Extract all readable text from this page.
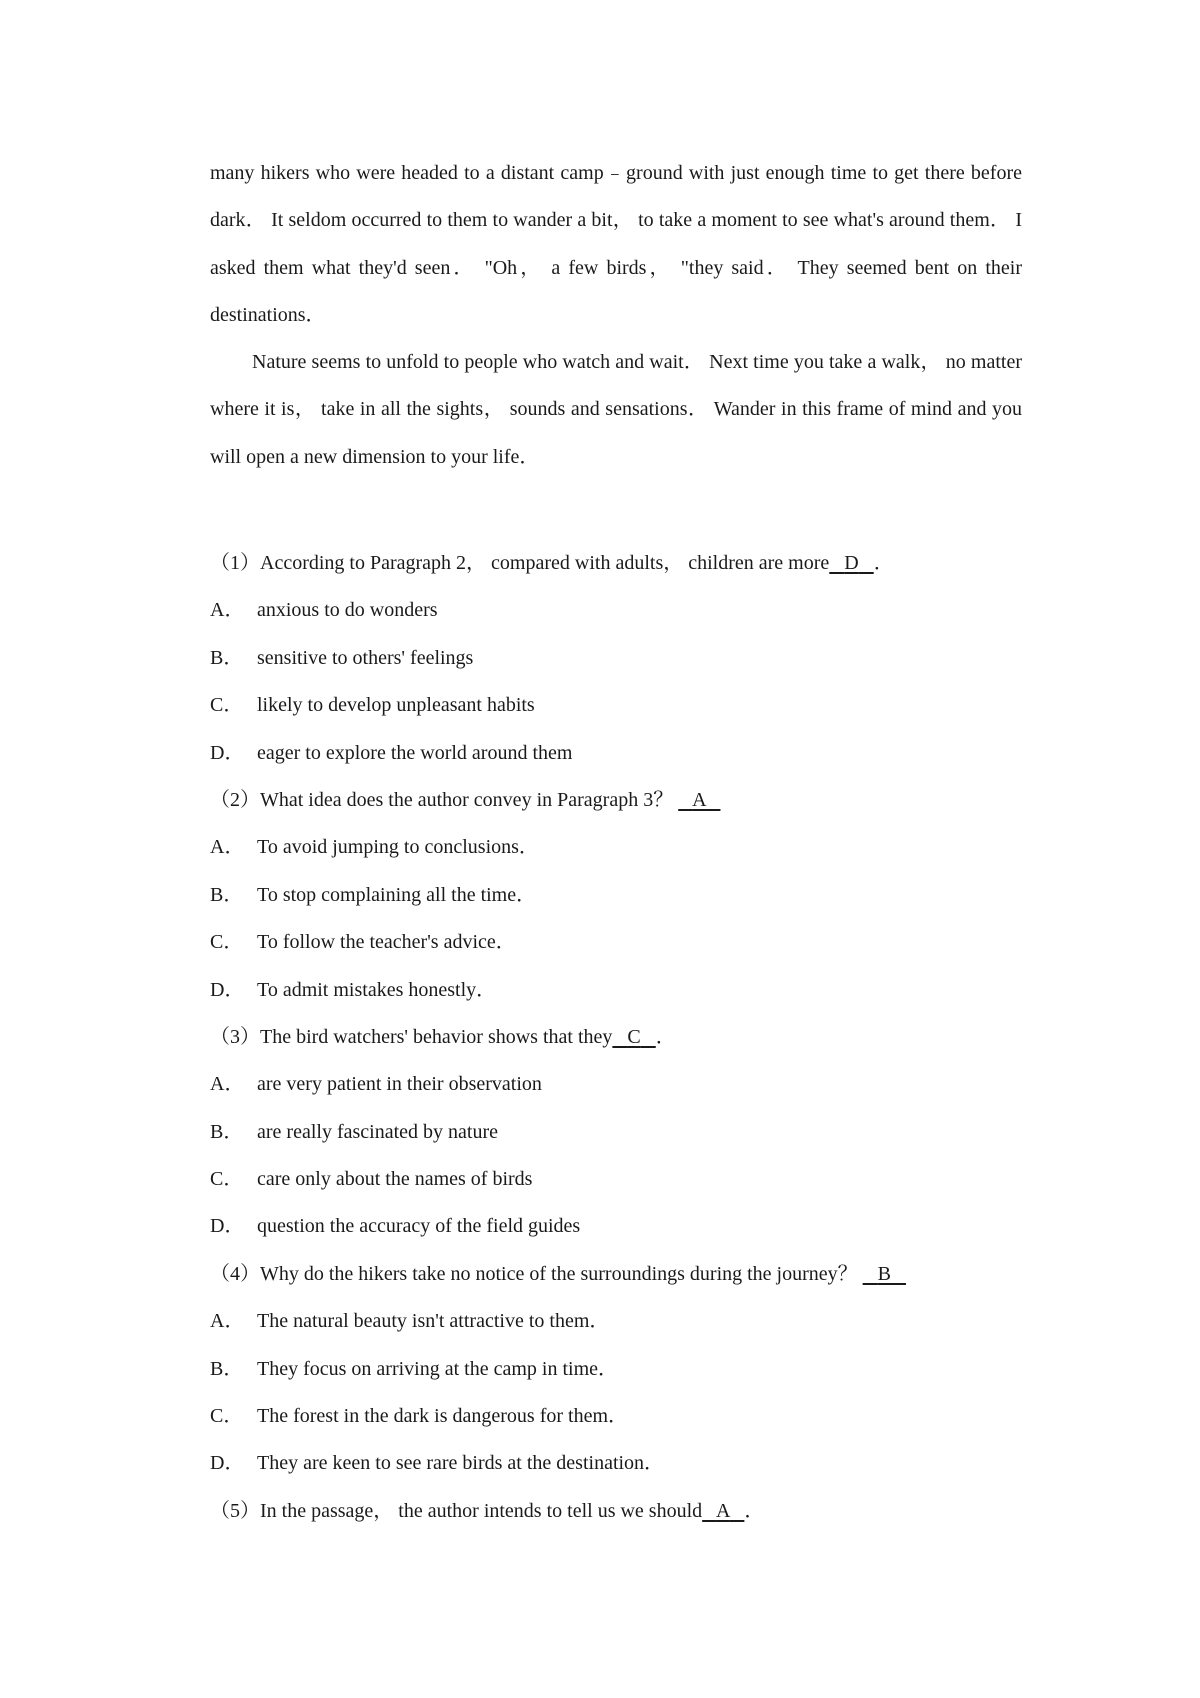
many hikers who were headed to a distant camp﹣ground with just enough time to get there before dark． It seldom occurred to them to wander a bit， to take a moment to see what's around them． I asked them what they'd seen． "Oh， a few birds， "they said． They seemed bent on their destinations．

Nature seems to unfold to people who watch and wait． Next time you take a walk， no matter where it is， take in all the sights， sounds and sensations． Wander in this frame of mind and you will open a new dimension to your life．

（1）According to Paragraph 2， compared with adults， children are more D ．
A． anxious to do wonders
B． sensitive to others' feelings
C． likely to develop unpleasant habits
D． eager to explore the world around them
（2）What idea does the author convey in Paragraph 3？ A
A． To avoid jumping to conclusions．
B． To stop complaining all the time．
C． To follow the teacher's advice．
D． To admit mistakes honestly．
（3）The bird watchers' behavior shows that they C ．
A． are very patient in their observation
B． are really fascinated by nature
C． care only about the names of birds
D． question the accuracy of the field guides
（4）Why do the hikers take no notice of the surroundings during the journey？ B
A． The natural beauty isn't attractive to them．
B． They focus on arriving at the camp in time．
C． The forest in the dark is dangerous for them．
D． They are keen to see rare birds at the destination．
（5）In the passage， the author intends to tell us we should A ．
